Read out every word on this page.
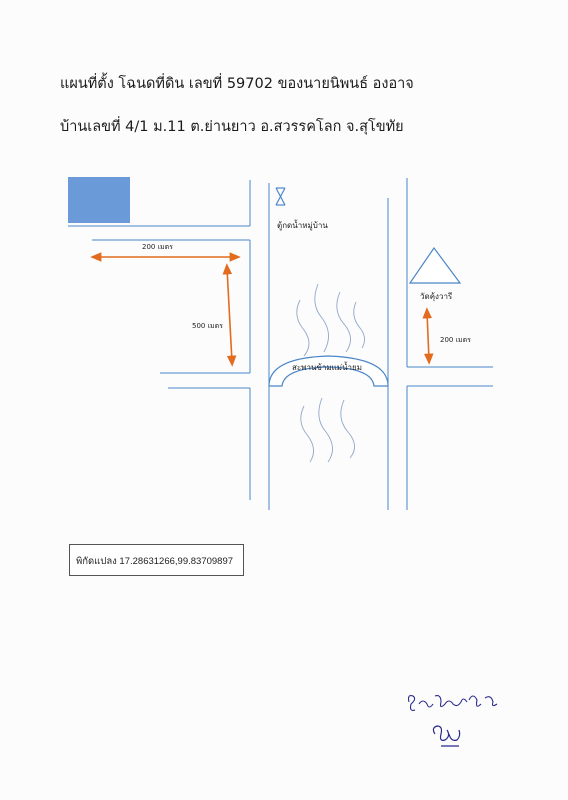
แผนที่ตั้ง โฉนดที่ดิน เลขที่ 59702 ของนายนิพนธ์ องอาจ
บ้านเลขที่ 4/1 ม.11 ต.ย่านยาว อ.สวรรคโลก จ.สุโขทัย
200 เมตร
500 เมตร
200 เมตร
ตู้กดน้ำหมู่บ้าน
วัดคุ้งวารี
สะพานข้ามแม่น้ำยม
พิกัดแปลง 17.28631266,99.83709897
